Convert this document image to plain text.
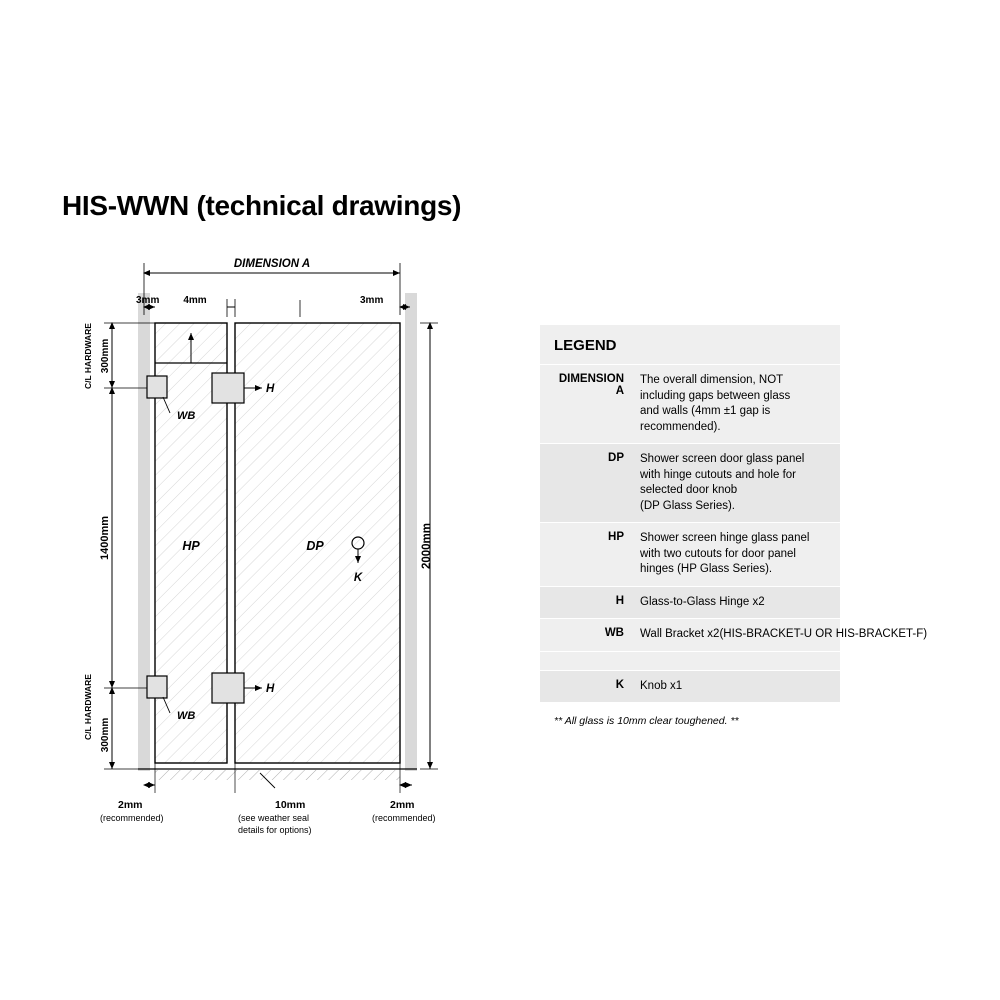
HIS-WWN (technical drawings)
DIMENSION A
3mm 4mm	3mm
2000mm
300mm
C/L HARDWARE
1400mm
300mm
C/L HARDWARE
WB
WB
H
H
HP	DP
K
2mm
(recommended)
10mm
(see weather seal
details for options)
2mm
(recommended)
LEGEND
DIMENSION A
The overall dimension, NOT
including gaps between glass
and walls (4mm ±1 gap is
recommended).
DP	Shower screen door glass panel
with hinge cutouts and hole for
selected door knob
(DP Glass Series).
HP	Shower screen hinge glass panel
with two cutouts for door panel
hinges (HP Glass Series).
H	Glass-to-Glass Hinge x2
WB	Wall Bracket x2(HIS-BRACKET-U OR HIS-BRACKET-F)
K	Knob x1
** All glass is 10mm clear toughened. **
